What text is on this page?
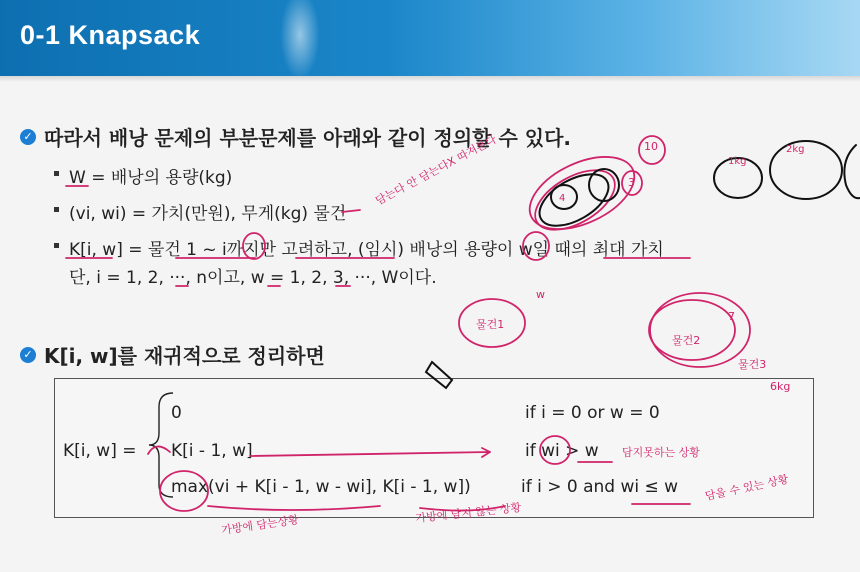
0-1 Knapsack
✓ 따라서 배낭 문제의 부분문제를 아래와 같이 정의할 수 있다.
W = 배낭의 용량(kg)
(vi, wi) = 가치(만원), 무게(kg) 물건
K[i, w] = 물건 1 ~ i까지만 고려하고, (임시) 배낭의 용량이 w일 때의 최대 가치
단, i = 1, 2, ···, n이고, w = 1, 2, 3, ···, W이다.
✓ K[i, w]를 재귀적으로 정리하면
K[i, w] =
0	if i = 0 or w = 0
K[i - 1, w]	if wi > w
max(vi + K[i - 1, w - wi], K[i - 1, w])	if i > 0 and wi ≤ w
담는다 안 담는다X 따져본다
물건1
w
물건2
7
물건3
6kg
10
3
담지못하는 상황
담을 수 있는 상황
가방에 담는상황
가방에 담지 않는 상황
1kg
2kg
4
